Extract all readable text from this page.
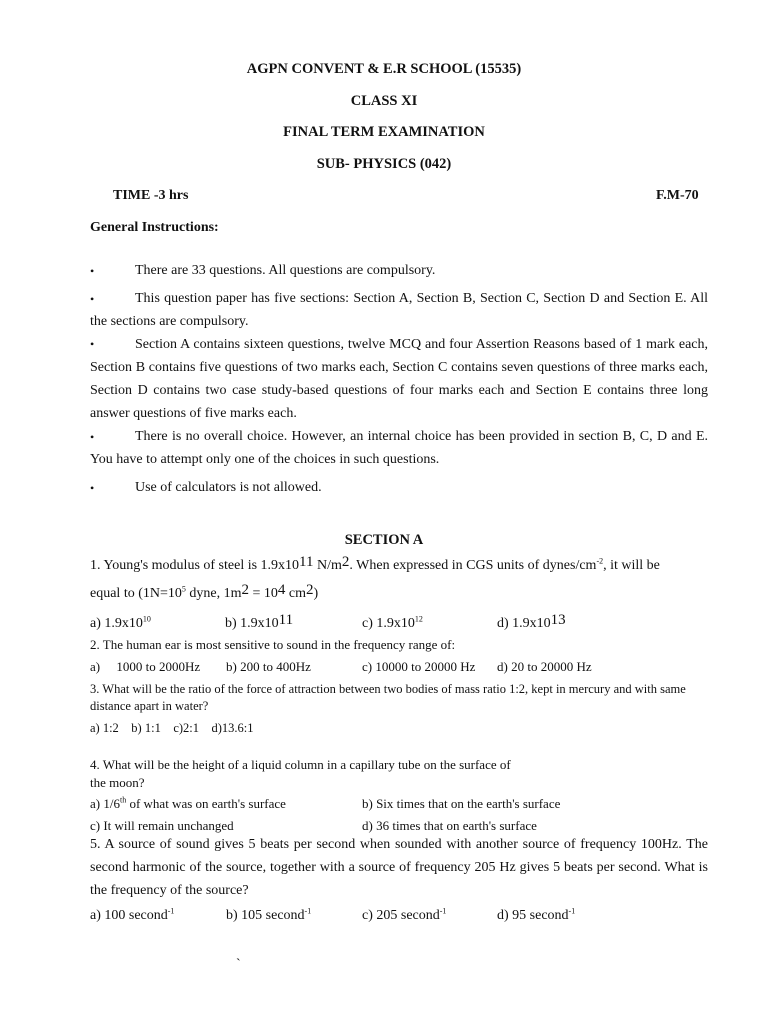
AGPN CONVENT & E.R SCHOOL (15535)
CLASS XI
FINAL TERM EXAMINATION
SUB- PHYSICS (042)
TIME -3 hrs	F.M-70
General Instructions:
•	There are 33 questions. All questions are compulsory.
•	This question paper has five sections: Section A, Section B, Section C, Section D and Section E. All the sections are compulsory.
•	Section A contains sixteen questions, twelve MCQ and four Assertion Reasons based of 1 mark each, Section B contains five questions of two marks each, Section C contains seven questions of three marks each, Section D contains two case study-based questions of four marks each and Section E contains three long answer questions of five marks each.
•	There is no overall choice. However, an internal choice has been provided in section B, C, D and E. You have to attempt only one of the choices in such questions.
•	Use of calculators is not allowed.
SECTION A
1. Young's modulus of steel is $1.9x10^{11}$ $N/m^2$. When expressed in CGS units of dynes/$cm^{-2}$, it will be
equal to ($1N=10^5$ dyne, $1m^2 = 10^4$ $cm^2$)
a) $1.9x10^{10}$	b) $1.9x10^{11}$	c) $1.9x10^{12}$	d) $1.9x10^{13}$
2. The human ear is most sensitive to sound in the frequency range of:
a)     1000 to 2000Hz b) 200 to 400Hz	c) 10000 to 20000 Hz d) 20 to 20000 Hz
3. What will be the ratio of the force of attraction between two bodies of mass ratio 1:2, kept in mercury and with same
distance apart in water?
a) 1:2    b) 1:1    c)2:1    d)13.6:1
4. What will be the height of a liquid column in a capillary tube on the surface of
the moon?
a) 1/6th of what was on earth's surface	b) Six times that on the earth's surface
c) It will remain unchanged	d) 36 times that on earth's surface
5. A source of sound gives 5 beats per second when sounded with another source of frequency 100Hz. The second harmonic of the source, together with a source of frequency 205 Hz gives 5 beats per second. What is the frequency of the source?
a) 100 second$^{-1}$	b) 105 second$^{-1}$	c) 205 second$^{-1}$	d) 95 second$^{-1}$
`
